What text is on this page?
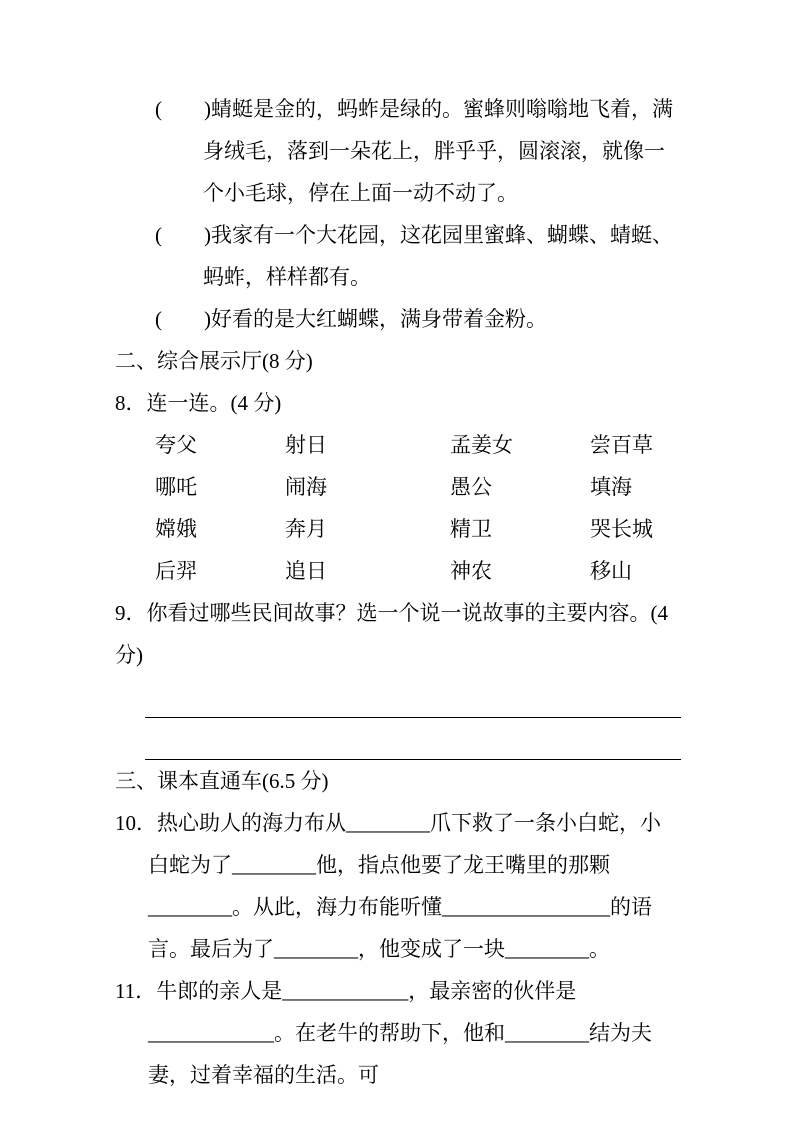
(　　)蜻蜓是金的，蚂蚱是绿的。蜜蜂则嗡嗡地飞着，满身绒毛，落到一朵花上，胖乎乎，圆滚滚，就像一个小毛球，停在上面一动不动了。
(　　)我家有一个大花园，这花园里蜜蜂、蝴蝶、蜻蜓、蚂蚱，样样都有。
(　　)好看的是大红蝴蝶，满身带着金粉。
二、综合展示厅(8 分)
8．连一连。(4 分)
夸父	射日	孟姜女	尝百草
哪吒	闹海	愚公	填海
嫦娥	奔月	精卫	哭长城
后羿	追日	神农	移山
9．你看过哪些民间故事？选一个说一说故事的主要内容。(4 分)
三、课本直通车(6.5 分)
10．热心助人的海力布从________爪下救了一条小白蛇，小白蛇为了________他，指点他要了龙王嘴里的那颗________。从此，海力布能听懂________________的语言。最后为了________，他变成了一块________。
11．牛郎的亲人是____________，最亲密的伙伴是____________。在老牛的帮助下，他和________结为夫妻，过着幸福的生活。可
